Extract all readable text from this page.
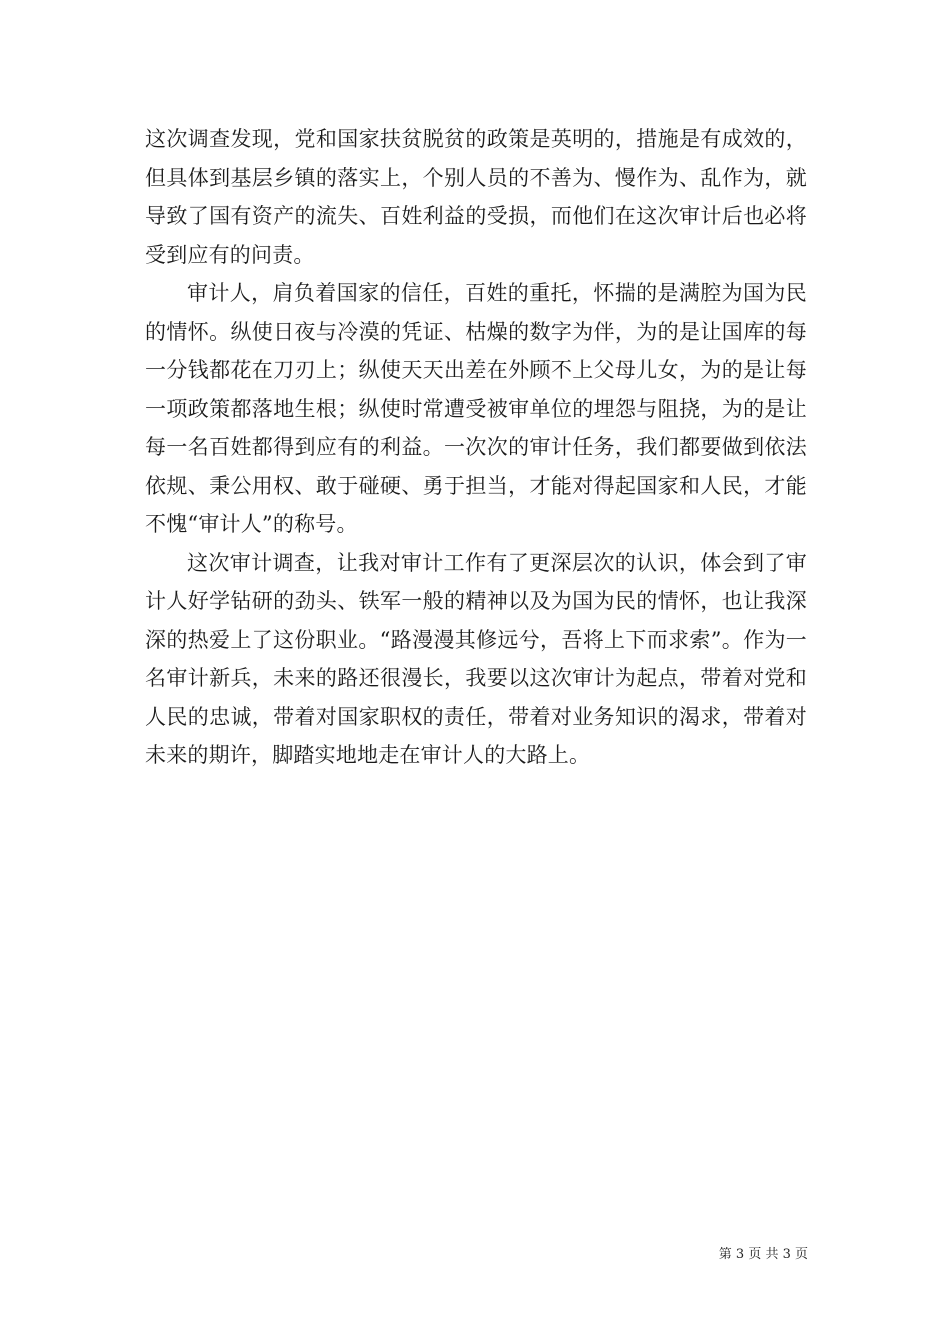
这次调查发现，党和国家扶贫脱贫的政策是英明的，措施是有成效的，但具体到基层乡镇的落实上，个别人员的不善为、慢作为、乱作为，就导致了国有资产的流失、百姓利益的受损，而他们在这次审计后也必将受到应有的问责。

审计人，肩负着国家的信任，百姓的重托，怀揣的是满腔为国为民的情怀。纵使日夜与冷漠的凭证、枯燥的数字为伴，为的是让国库的每一分钱都花在刀刃上；纵使天天出差在外顾不上父母儿女，为的是让每一项政策都落地生根；纵使时常遭受被审单位的埋怨与阻挠，为的是让每一名百姓都得到应有的利益。一次次的审计任务，我们都要做到依法依规、秉公用权、敢于碰硬、勇于担当，才能对得起国家和人民，才能不愧“审计人”的称号。

这次审计调查，让我对审计工作有了更深层次的认识，体会到了审计人好学钻研的劲头、铁军一般的精神以及为国为民的情怀，也让我深深的热爱上了这份职业。“路漫漫其修远兮，吾将上下而求索”。作为一名审计新兵，未来的路还很漫长，我要以这次审计为起点，带着对党和人民的忠诚，带着对国家职权的责任，带着对业务知识的渴求，带着对未来的期许，脚踏实地地走在审计人的大路上。

第 3 页 共 3 页
